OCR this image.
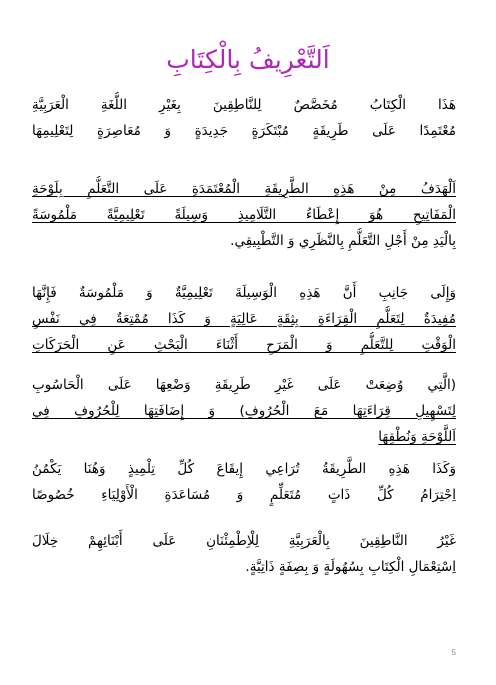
اَلتَّعْرِيفُ بِالْكِتَابِ
هَذَا الْكِتَابُ مُخَصَّصٌ لِلنَّاطِقِينَ بِغَيْرِ اللُّغَةِ الْعَرَبِيَّةِ
مُعْتَمِدًا عَلَى طَرِيقَةٍ مُبْتَكَرَةٍ جَدِيدَةٍ وَ مُعَاصِرَةٍ لِتَعْلِيمِهَا
اَلْهَدَفُ مِنْ هَذِهِ الطَّرِيقَةِ الْمُعْتَمَدَةِ عَلَى التَّعَلُّمِ بِلَوْحَةِ
الْمَفَاتِيحِ هُوَ إِعْطَاءُ التَّلَامِيذِ وَسِيلَةً تَعْلِيمِيَّةً مَلْمُوسَةً
بِالْيَدِ مِنْ أَجْلِ التَّعَلُّمِ بِالنَّظَرِي وَ التَّطْبِيقِي.
وَإِلَى جَانِبِ أَنَّ هَذِهِ الْوَسِيلَةَ تَعْلِيمِيَّةٌ وَ مَلْمُوسَةٌ فَإِنَّهَا
مُفِيدَةٌ لِتَعَلُّمِ الْقِرَاءَةِ بِثِقَةٍ عَالِيَةٍ وَ كَذَا مُمْتِعَةٌ فِي نَفْسِ
الْوَقْتِ لِلتَّعَلُّمِ وَ الْمَرَحِ أَثْنَاءَ الْبَحْثِ عَنِ الْحَرَكَاتِ
(الَّتِي وُضِعَتْ عَلَى غَيْرِ طَرِيقَةِ وَضْعِهَا عَلَى الْحَاسُوبِ
لِتَسْهِيلِ قِرَاءَتِهَا مَعَ الْحُرُوفِ) وَ إِضَافَتِهَا لِلْحُرُوفِ فِي
اَللَّوْحَةِ وَنُطْقِهَا
وَكَذَا هَذِهِ الطَّرِيقَةُ تُرَاعِي إِيقَاعَ كُلِّ تِلْمِيذٍ وَهُنَا يَكْمُنُ
اِحْتِرَامُ كُلِّ ذَاتٍ مُتَعَلِّمٍ وَ مُسَاعَدَةِ الْأَوْلِيَاءِ خُصُوصًا
غَيْرُ النَّاطِقِينَ بِالْعَرَبِيَّةِ لِلْاِطْمِئْنَانِ عَلَى أَبْنَائِهِمْ خِلَالَ
اِسْتِعْمَالِ الْكِتَابِ بِسُهُولَةٍ وَ بِصِفَةٍ ذَاتِيَّةٍ.
5
